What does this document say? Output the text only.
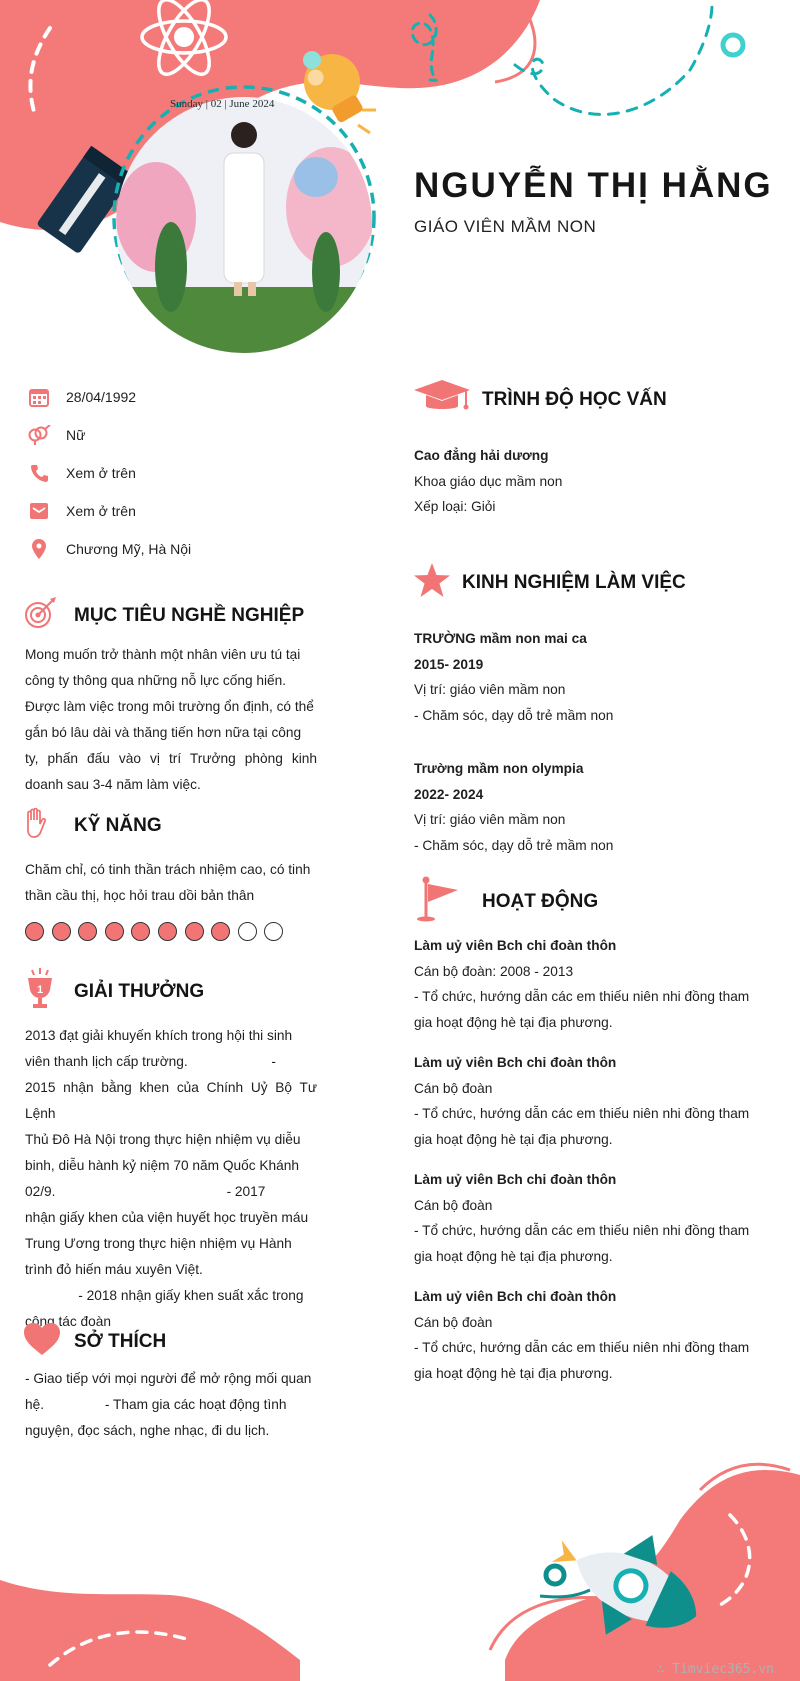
Sunday | 02 | June 2024
NGUYỄN THỊ HẰNG
GIÁO VIÊN MẦM NON
28/04/1992
Nữ
Xem ở trên
Xem ở trên
Chương Mỹ, Hà Nội
MỤC TIÊU NGHỀ NGHIỆP
Mong muốn trở thành một nhân viên ưu tú tại
công ty thông qua những nỗ lực cống hiến.
Được làm việc trong môi trường ổn định, có thể
gắn bó lâu dài và thăng tiến hơn nữa tại công
ty, phấn đấu vào vị trí Trưởng phòng kinh
doanh sau 3-4 năm làm việc.
KỸ NĂNG
Chăm chỉ, có tinh thần trách nhiệm cao, có tinh
thần cầu thị, học hỏi trau dồi bản thân
1 GIẢI THƯỞNG
2013 đạt giải khuyến khích trong hội thi sinh
viên thanh lịch cấp trường.                      -
2015 nhận bằng khen của Chính Uỷ Bộ Tư Lệnh
Thủ Đô Hà Nội trong thực hiện nhiệm vụ diễu
binh, diễu hành kỷ niệm 70 năm Quốc Khánh
02/9.                                             - 2017
nhận giấy khen của viện huyết học truyền máu
Trung Ương trong thực hiện nhiệm vụ Hành
trình đỏ hiến máu xuyên Việt.
- 2018 nhận giấy khen suất xắc trong
công tác đoàn
SỞ THÍCH
- Giao tiếp với mọi người để mở rộng mối quan
hệ.                - Tham gia các hoạt động tình
nguyện, đọc sách, nghe nhạc, đi du lịch.
TRÌNH ĐỘ HỌC VẤN
Cao đẳng hải dương
Khoa giáo dục mầm non
Xếp loại: Giỏi
KINH NGHIỆM LÀM VIỆC
TRƯỜNG mầm non mai ca
2015- 2019
Vị trí: giáo viên mầm non
- Chăm sóc, dạy dỗ trẻ mầm non
Trường mầm non olympia
2022- 2024
Vị trí: giáo viên mầm non
- Chăm sóc, dạy dỗ trẻ mầm non
HOẠT ĐỘNG
Làm uỷ viên Bch chi đoàn thôn
Cán bộ đoàn: 2008 - 2013
- Tổ chức, hướng dẫn các em thiếu niên nhi đồng tham
gia hoạt động hè tại địa phương.
Làm uỷ viên Bch chi đoàn thôn
Cán bộ đoàn
- Tổ chức, hướng dẫn các em thiếu niên nhi đồng tham
gia hoạt động hè tại địa phương.
Làm uỷ viên Bch chi đoàn thôn
Cán bộ đoàn
- Tổ chức, hướng dẫn các em thiếu niên nhi đồng tham
gia hoạt động hè tại địa phương.
Làm uỷ viên Bch chi đoàn thôn
Cán bộ đoàn
- Tổ chức, hướng dẫn các em thiếu niên nhi đồng tham
gia hoạt động hè tại địa phương.
∴ Timviec365.vn
